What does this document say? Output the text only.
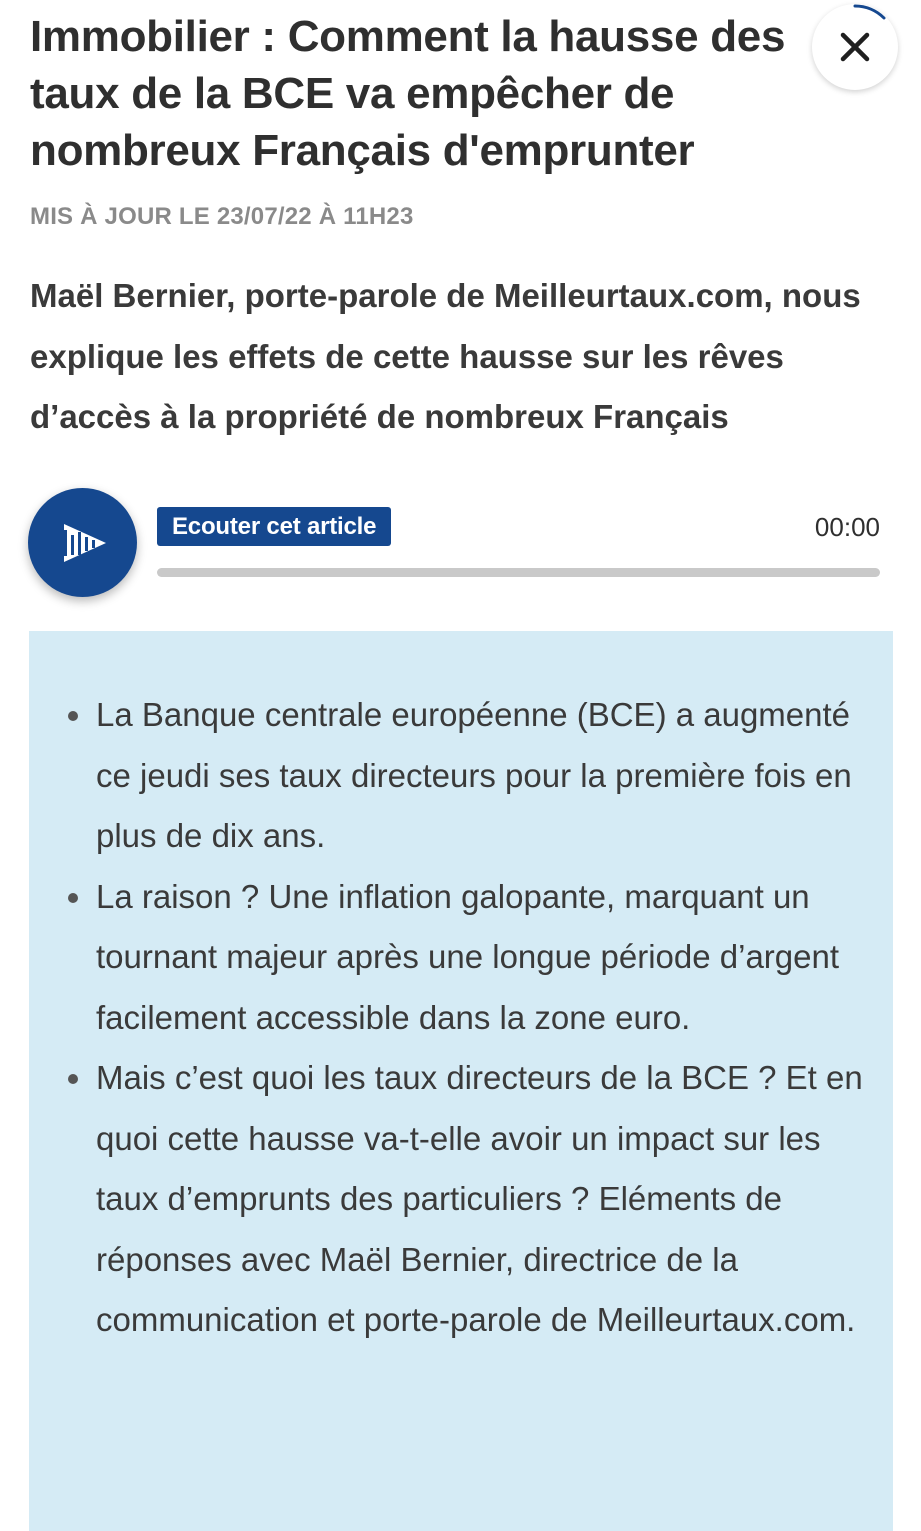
Immobilier : Comment la hausse des taux de la BCE va empêcher de nombreux Français d'emprunter

MIS À JOUR LE 23/07/22 À 11H23

Maël Bernier, porte-parole de Meilleurtaux.com, nous explique les effets de cette hausse sur les rêves d’accès à la propriété de nombreux Français

Ecouter cet article	00:00
La Banque centrale européenne (BCE) a augmenté ce jeudi ses taux directeurs pour la première fois en plus de dix ans.
La raison ? Une inflation galopante, marquant un tournant majeur après une longue période d’argent facilement accessible dans la zone euro.
Mais c’est quoi les taux directeurs de la BCE ? Et en quoi cette hausse va-t-elle avoir un impact sur les taux d’emprunts des particuliers ? Eléments de réponses avec Maël Bernier, directrice de la communication et porte-parole de Meilleurtaux.com.
